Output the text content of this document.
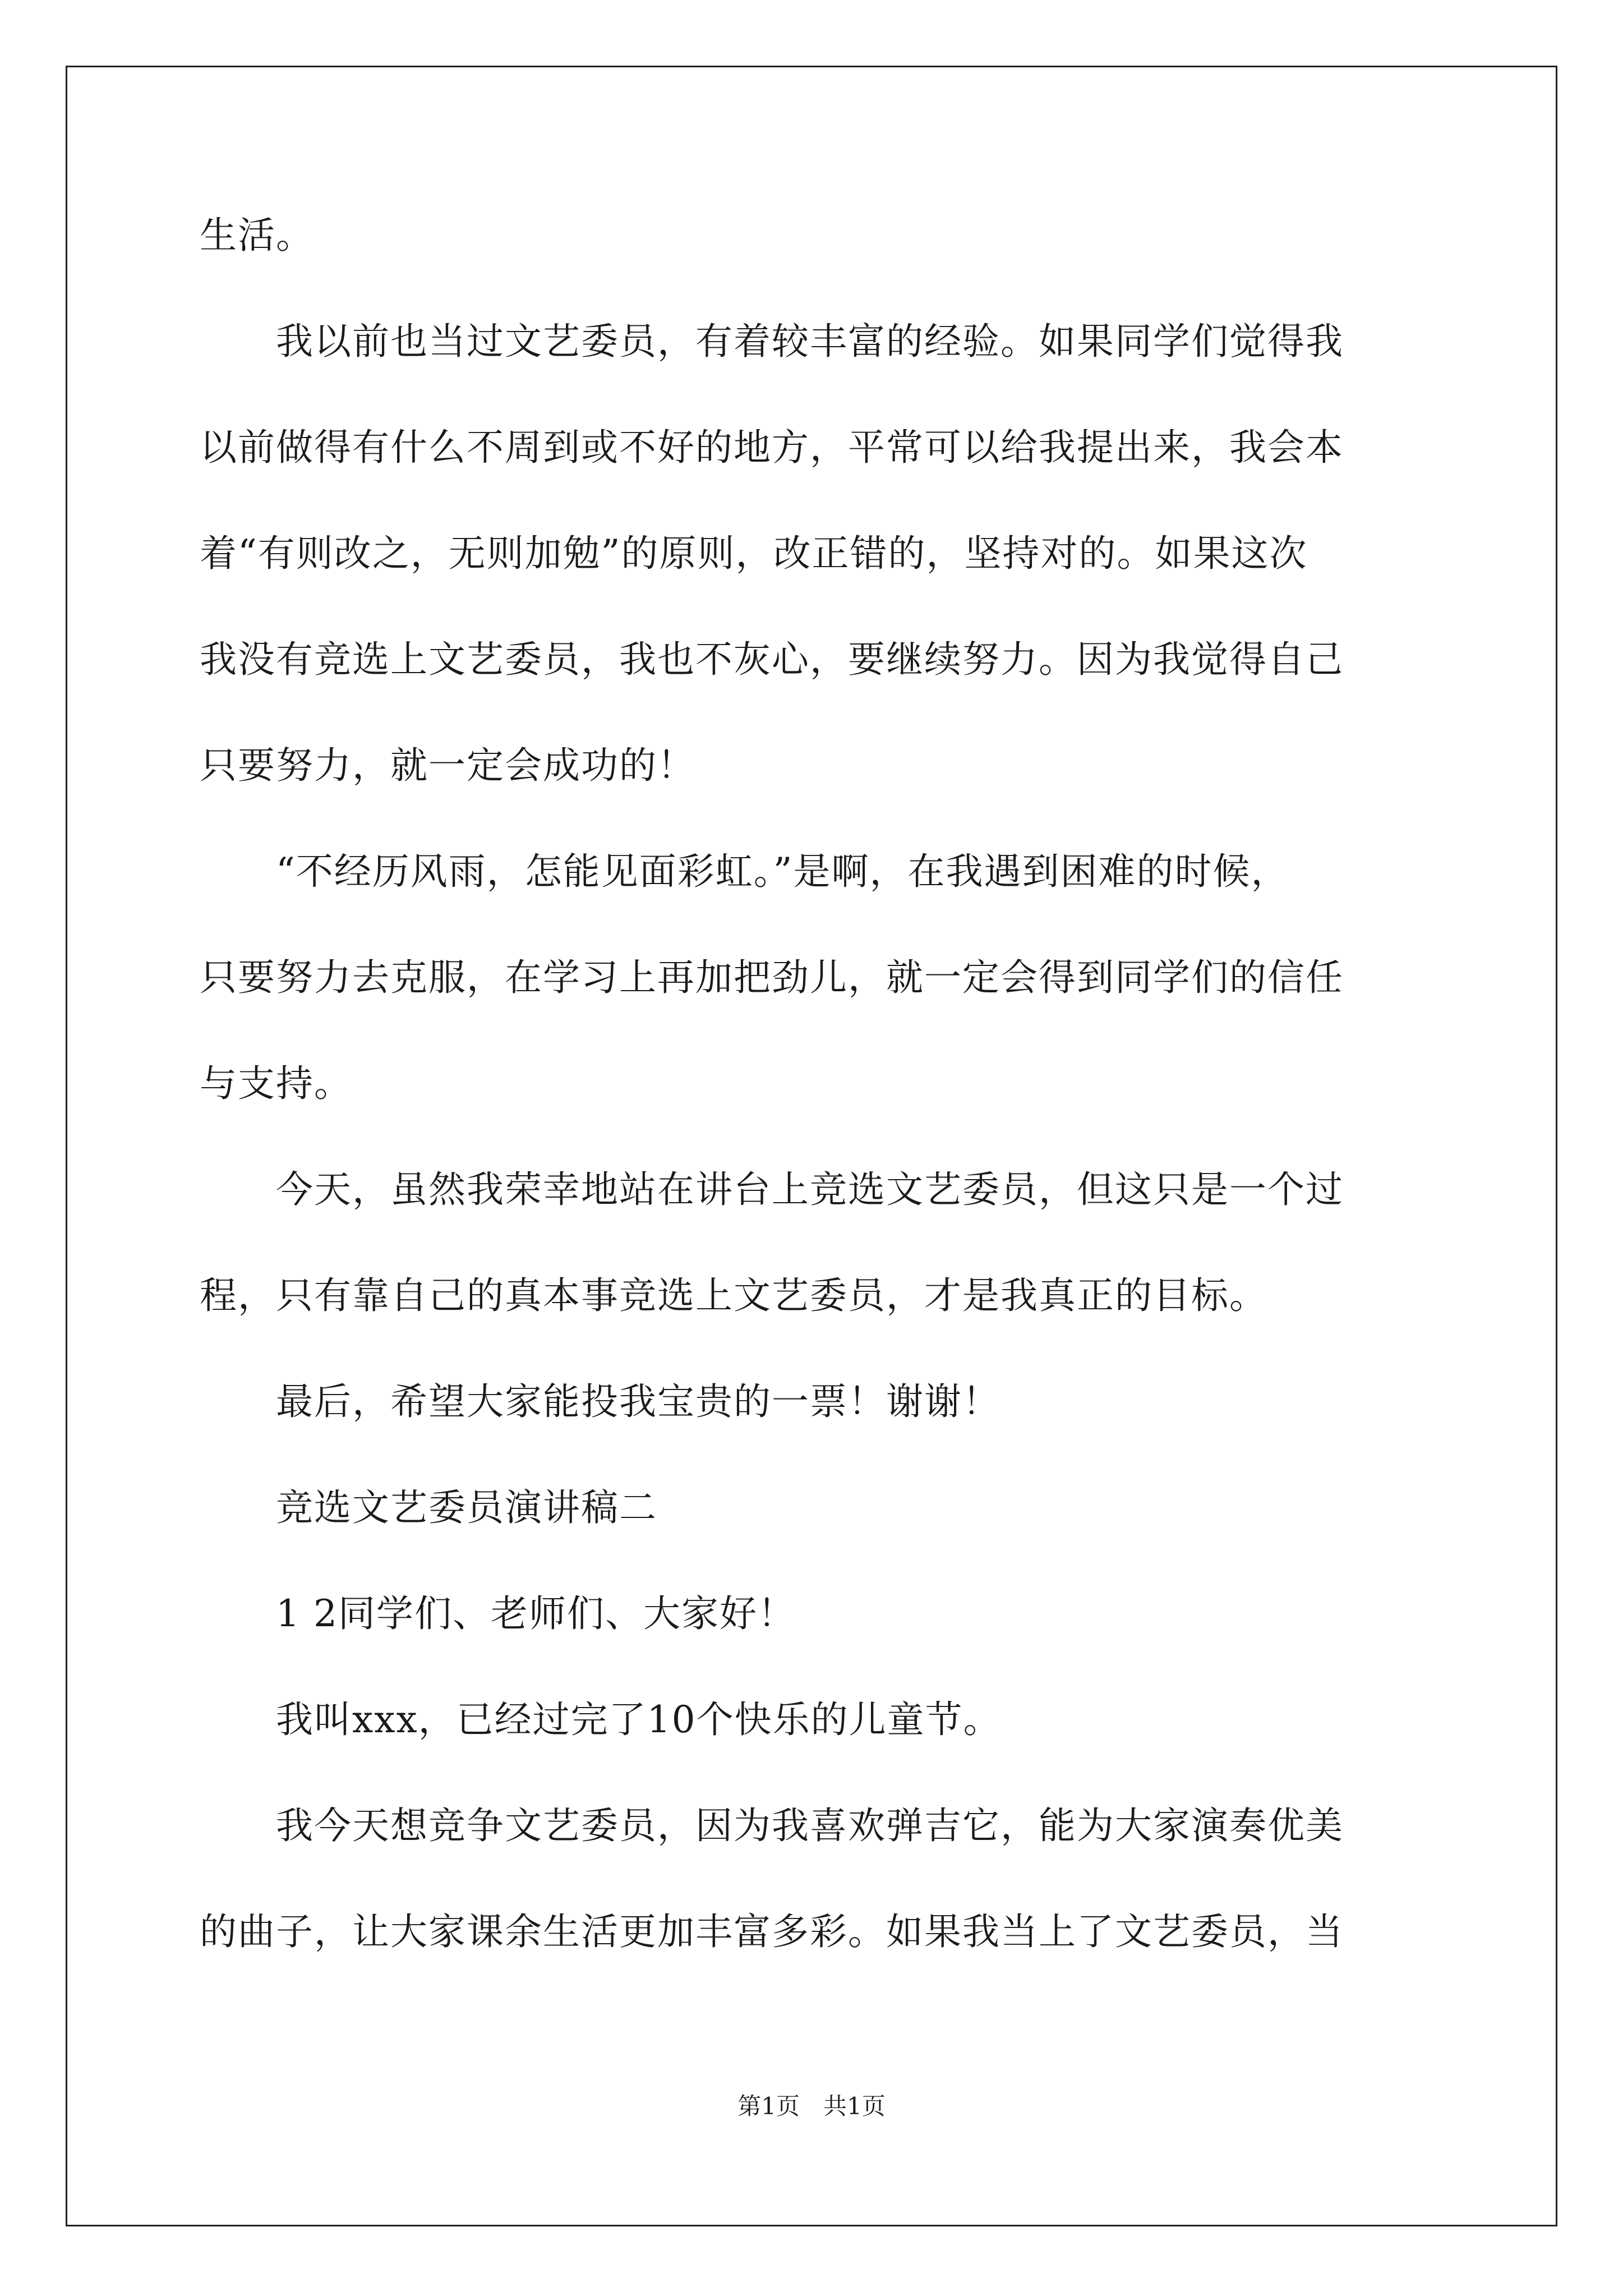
生活。
　　我以前也当过文艺委员，有着较丰富的经验。如果同学们觉得我
以前做得有什么不周到或不好的地方，平常可以给我提出来，我会本
着“有则改之，无则加勉”的原则，改正错的，坚持对的。如果这次
我没有竞选上文艺委员，我也不灰心，要继续努力。因为我觉得自己
只要努力，就一定会成功的！
　　“不经历风雨，怎能见面彩虹。”是啊，在我遇到困难的时候，
只要努力去克服，在学习上再加把劲儿，就一定会得到同学们的信任
与支持。
　　今天，虽然我荣幸地站在讲台上竞选文艺委员，但这只是一个过
程，只有靠自己的真本事竞选上文艺委员，才是我真正的目标。
　　最后，希望大家能投我宝贵的一票！谢谢！
　　竞选文艺委员演讲稿二
　　1 2同学们、老师们、大家好！
　　我叫xxx，已经过完了10个快乐的儿童节。
　　我今天想竞争文艺委员，因为我喜欢弹吉它，能为大家演奏优美
的曲子，让大家课余生活更加丰富多彩。如果我当上了文艺委员，当
第1页　共1页
